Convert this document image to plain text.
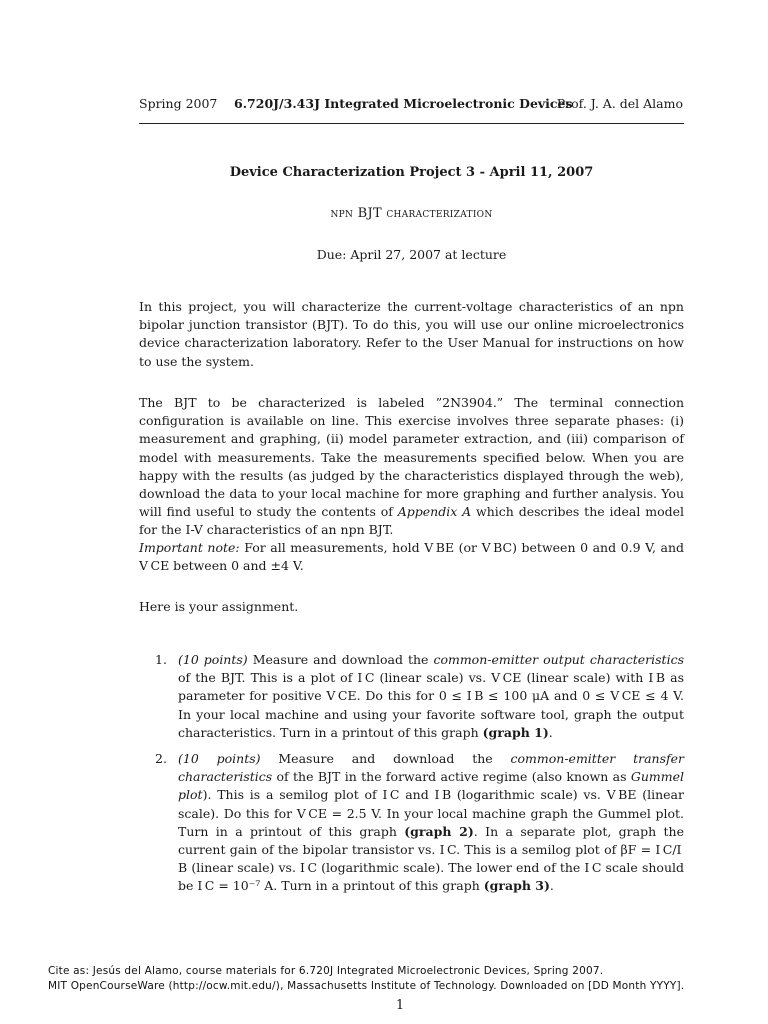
Spring 2007 6.720J/3.43J Integrated Microelectronic Devices
Prof. J. A. del Alamo
Device Characterization Project 3 - April 11, 2007
npn BJT characterization
Due: April 27, 2007 at lecture

In this project, you will characterize the current-voltage characteristics of an npn bipolar junction transistor (BJT). To do this, you will use our online microelectronics device characterization laboratory. Refer to the User Manual for instructions on how to use the system.

The BJT to be characterized is labeled ”2N3904.” The terminal connection configuration is available on line. This exercise involves three separate phases: (i) measurement and graphing, (ii) model parameter extraction, and (iii) comparison of model with measurements. Take the measurements specified below. When you are happy with the results (as judged by the characteristics displayed through the web), download the data to your local machine for more graphing and further analysis. You will find useful to study the contents of Appendix A which describes the ideal model for the I-V characteristics of an npn BJT.

Important note: For all measurements, hold V BE (or V BC) between 0 and 0.9 V, and V CE between 0 and ±4 V.

Here is your assignment.

1. (10 points) Measure and download the common-emitter output characteristics of the BJT. This is a plot of I C (linear scale) vs. V CE (linear scale) with I B as parameter for positive V CE. Do this for 0 ≤ I B ≤ 100 μA and 0 ≤ V CE ≤ 4 V. In your local machine and using your favorite software tool, graph the output characteristics. Turn in a printout of this graph (graph 1).
2. (10 points) Measure and download the common-emitter transfer characteristics of the BJT in the forward active regime (also known as Gummel plot). This is a semilog plot of I C and I B (logarithmic scale) vs. V BE (linear scale). Do this for V CE = 2.5 V. In your local machine graph the Gummel plot. Turn in a printout of this graph (graph 2). In a separate plot, graph the current gain of the bipolar transistor vs. I C. This is a semilog plot of βF = I C/I B (linear scale) vs. I C (logarithmic scale). The lower end of the I C scale should be I C = 10⁻⁷ A. Turn in a printout of this graph (graph 3).
Cite as: Jesús del Alamo, course materials for 6.720J Integrated Microelectronic Devices, Spring 2007.
MIT OpenCourseWare (http://ocw.mit.edu/), Massachusetts Institute of Technology. Downloaded on [DD Month YYYY].
1
